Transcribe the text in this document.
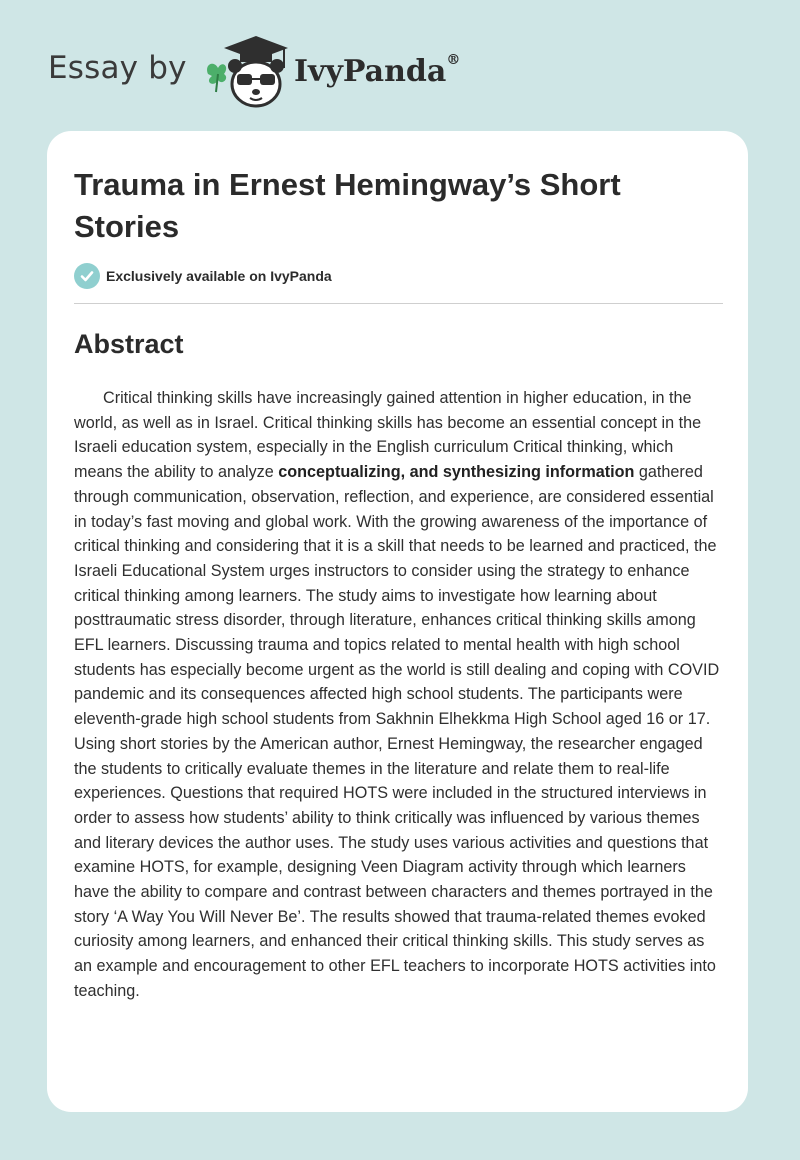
Essay by	IvyPanda®
Trauma in Ernest Hemingway’s Short Stories
Exclusively available on IvyPanda
Abstract

Critical thinking skills have increasingly gained attention in higher education, in the world, as well as in Israel. Critical thinking skills has become an essential concept in the Israeli education system, especially in the English curriculum Critical thinking, which means the ability to analyze conceptualizing, and synthesizing information gathered through communication, observation, reflection, and experience, are considered essential in today’s fast moving and global work. With the growing awareness of the importance of critical thinking and considering that it is a skill that needs to be learned and practiced, the Israeli Educational System urges instructors to consider using the strategy to enhance critical thinking among learners. The study aims to investigate how learning about posttraumatic stress disorder, through literature, enhances critical thinking skills among EFL learners. Discussing trauma and topics related to mental health with high school students has especially become urgent as the world is still dealing and coping with COVID pandemic and its consequences affected high school students. The participants were eleventh-grade high school students from Sakhnin Elhekkma High School aged 16 or 17. Using short stories by the American author, Ernest Hemingway, the researcher engaged the students to critically evaluate themes in the literature and relate them to real-life experiences. Questions that required HOTS were included in the structured interviews in order to assess how students’ ability to think critically was influenced by various themes and literary devices the author uses. The study uses various activities and questions that examine HOTS, for example, designing Veen Diagram activity through which learners have the ability to compare and contrast between characters and themes portrayed in the story ‘A Way You Will Never Be’. The results showed that trauma-related themes evoked curiosity among learners, and enhanced their critical thinking skills. This study serves as an example and encouragement to other EFL teachers to incorporate HOTS activities into teaching.
